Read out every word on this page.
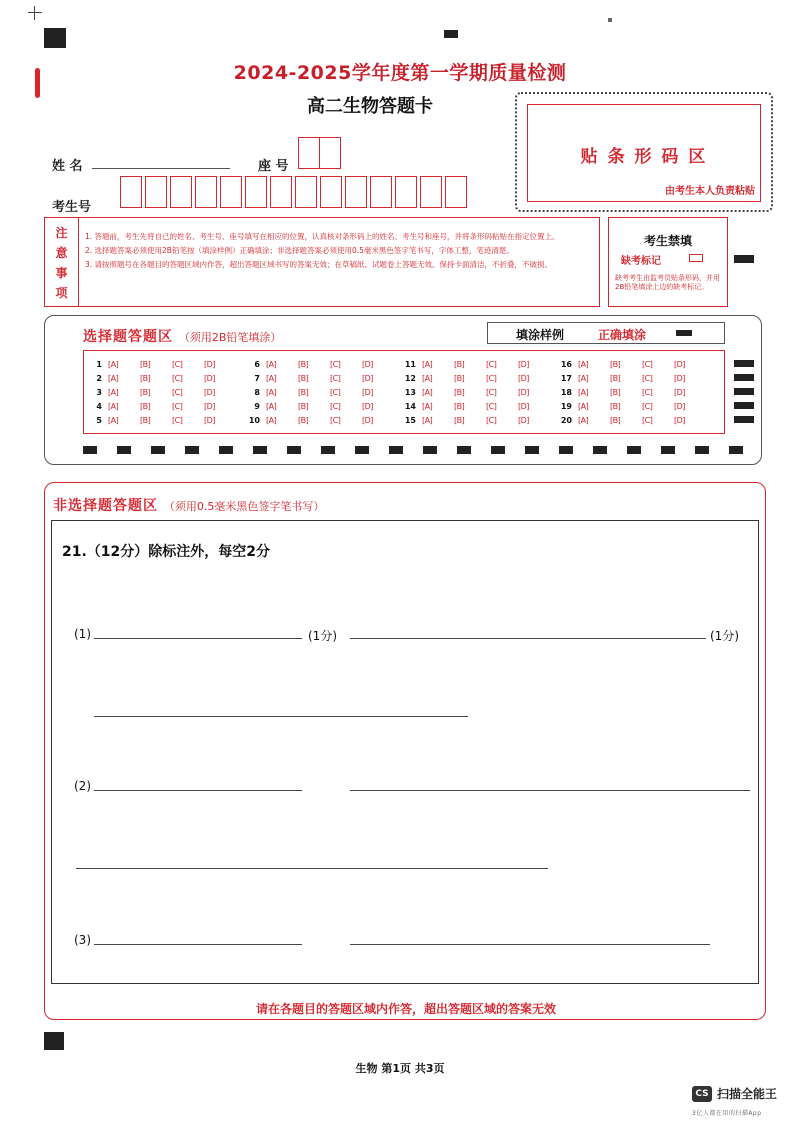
2024-2025学年度第一学期质量检测
高二生物答题卡
姓 名	座 号
考生号
贴 条 形 码 区
由考生本人负责粘贴
注
意
事
项
1. 答题前，考生先将自己的姓名、考生号、座号填写在相应的位置，认真核对条形码上的姓名、考生号和座号，并将条形码粘贴在指定位置上。
2. 选择题答案必须使用2B铅笔按（填涂样例）正确填涂；非选择题答案必须使用0.5毫米黑色签字笔书写，字体工整，笔迹清楚。
3. 请按照题号在各题目的答题区域内作答，超出答题区域书写的答案无效；在草稿纸、试题卷上答题无效。保持卡面清洁，不折叠，不破损。
考生禁填
缺考标记
缺考考生由监考员贴条形码，并用2B铅笔填涂上边的缺考标记。
选择题答题区 （须用2B铅笔填涂）	填涂样例	正确填涂
1 [A]	[B]	[C]	[D]
2 [A]	[B]	[C]	[D]
3 [A]	[B]	[C]	[D]
4 [A]	[B]	[C]	[D]
5 [A]	[B]	[C]	[D]
6 [A]	[B]	[C]	[D]
7 [A]	[B]	[C]	[D]
8 [A]	[B]	[C]	[D]
9 [A]	[B]	[C]	[D]
10 [A]	[B]	[C]	[D]
11 [A]	[B]	[C]	[D]
12 [A]	[B]	[C]	[D]
13 [A]	[B]	[C]	[D]
14 [A]	[B]	[C]	[D]
15 [A]	[B]	[C]	[D]
16 [A]	[B]	[C]	[D]
17 [A]	[B]	[C]	[D]
18 [A]	[B]	[C]	[D]
19 [A]	[B]	[C]	[D]
20 [A]	[B]	[C]	[D]
非选择题答题区 （须用0.5毫米黑色签字笔书写）
21.（12分）除标注外，每空2分
(1)	(1分)	(1分)
(2)
(3)
请在各题目的答题区域内作答，超出答题区域的答案无效
生物 第1页 共3页
CS 扫描全能王
3亿人都在用的扫描App
